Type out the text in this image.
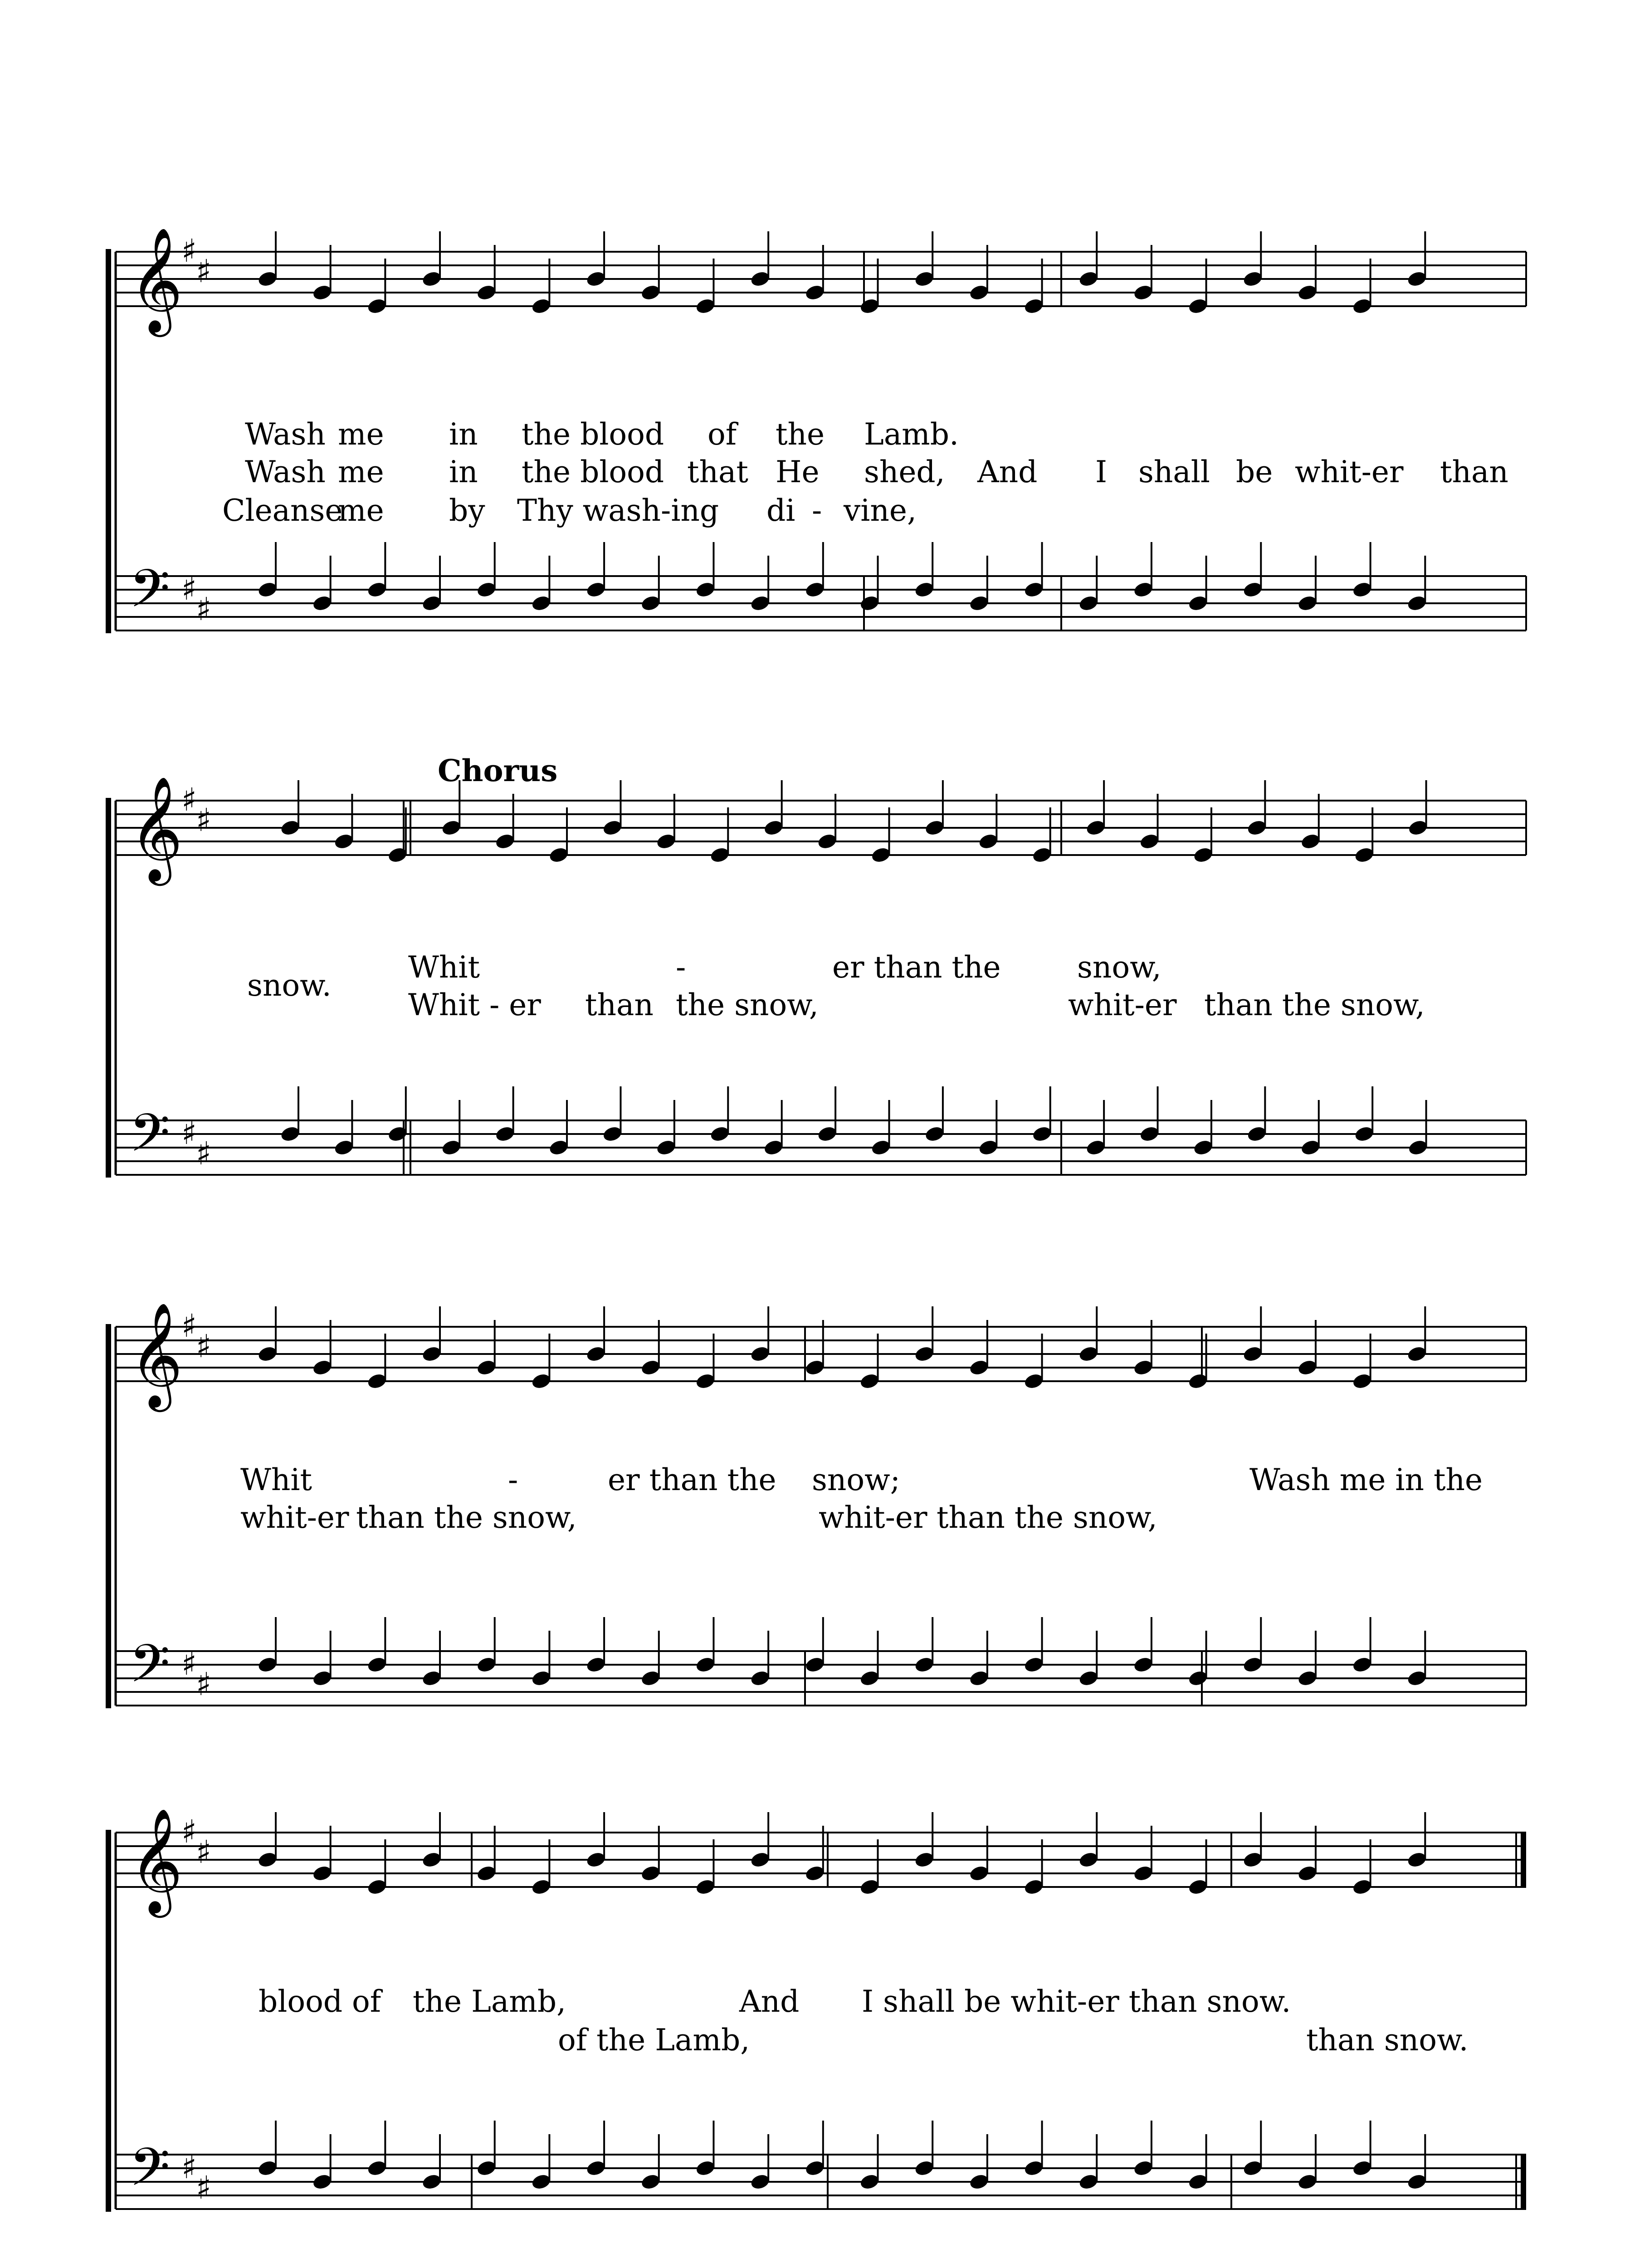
♯
♯
𝄞
♯
♯
𝄢
♯
♯
𝄞
♯
♯
𝄢
♯
♯
𝄞
♯
♯
𝄢
♯
♯
𝄞
♯
♯
𝄢
Chorus
Wash me in the blood of the Lamb.
Wash me in the blood that He shed, And I shall be whit-er than
Cleanse
me by Thy wash-ing di - vine,
snow.
Whit	-	er than the	snow,
Whit - er than the snow,	whit-er than the snow,
Whit	-	er than the snow;	Wash me in the
whit-er than the snow,	whit-er than the snow,
blood of the Lamb,	And I shall be whit-er than snow.
of the Lamb,	than snow.
